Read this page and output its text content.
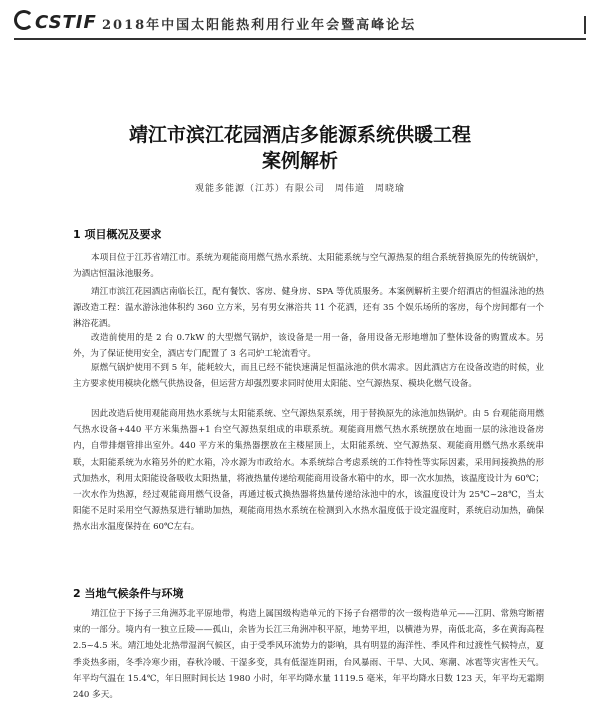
CSTIF 2018年中国太阳能热利用行业年会暨高峰论坛
靖江市滨江花园酒店多能源系统供暖工程
案例解析
观能多能源（江苏）有限公司　周伟道　周晓瑜
1 项目概况及要求

本项目位于江苏省靖江市。系统为观能商用燃气热水系统、太阳能系统与空气源热泵的组合系统替换原先的传统锅炉，为酒店恒温泳池服务。

靖江市滨江花园酒店南临长江，配有餐饮、客房、健身房、SPA 等优质服务。本案例解析主要介绍酒店的恒温泳池的热源改造工程：温水游泳池体积约 360 立方米，另有男女淋浴共 11 个花洒，还有 35 个娱乐场所的客房，每个房间都有一个淋浴花洒。

改造前使用的是 2 台 0.7kW 的大型燃气锅炉，该设备是一用一备，备用设备无形地增加了整体设备的购置成本。另外，为了保证使用安全，酒店专门配置了 3 名司炉工轮流看守。

原燃气锅炉使用不到 5 年，能耗较大，而且已经不能快速满足恒温泳池的供水需求。因此酒店方在设备改造的时候，业主方要求使用模块化燃气供热设备，但运营方却强烈要求同时使用太阳能、空气源热泵、模块化燃气设备。

因此改造后使用观能商用热水系统与太阳能系统、空气源热泵系统，用于替换原先的泳池加热锅炉。由 5 台观能商用燃气热水设备+440 平方米集热器+1 台空气源热泵组成的串联系统。观能商用燃气热水系统摆放在地面一层的泳池设备房内，自带排烟管排出室外。440 平方米的集热器摆放在主楼屋顶上，太阳能系统、空气源热泵、观能商用燃气热水系统串联，太阳能系统为水箱另外的贮水箱，冷水源为市政给水。本系统综合考虑系统的工作特性等实际因素，采用间接换热的形式加热水，利用太阳能设备吸收太阳热量，将液热量传递给观能商用设备水箱中的水，即一次水加热，该温度设计为 60℃；一次水作为热源，经过观能商用燃气设备，再通过板式换热器将热量传递给泳池中的水，该温度设计为 25℃~28℃，当太阳能不足时采用空气源热泵进行辅助加热，观能商用热水系统在检测到入水热水温度低于设定温度时，系统启动加热，确保热水出水温度保持在 60℃左右。

2 当地气候条件与环境

靖江位于下扬子三角洲苏北平原地带，构造上属国级构造单元的下扬子台褶带的次一级构造单元——江阴、常熟穹断褶束的一部分。境内有一独立丘陵——孤山，余皆为长江三角洲冲积平原，地势平坦，以横港为界，南低北高，多在黄海高程 2.5~4.5 米。靖江地处北热带湿润气候区，由于受季风环流势力的影响，具有明显的海洋性、季风件和过渡性气候特点，夏季炎热多雨，冬季冷寒少雨，春秋冷暖、干湿多变，具有低湿连阴雨，台风暴雨、干旱、大风、寒潮、冰雹等灾害性天气。年平均气温在 15.4℃，年日照时间长达 1980 小时，年平均降水量 1119.5 毫米，年平均降水日数 123 天，年平均无霜期 240 多天。
